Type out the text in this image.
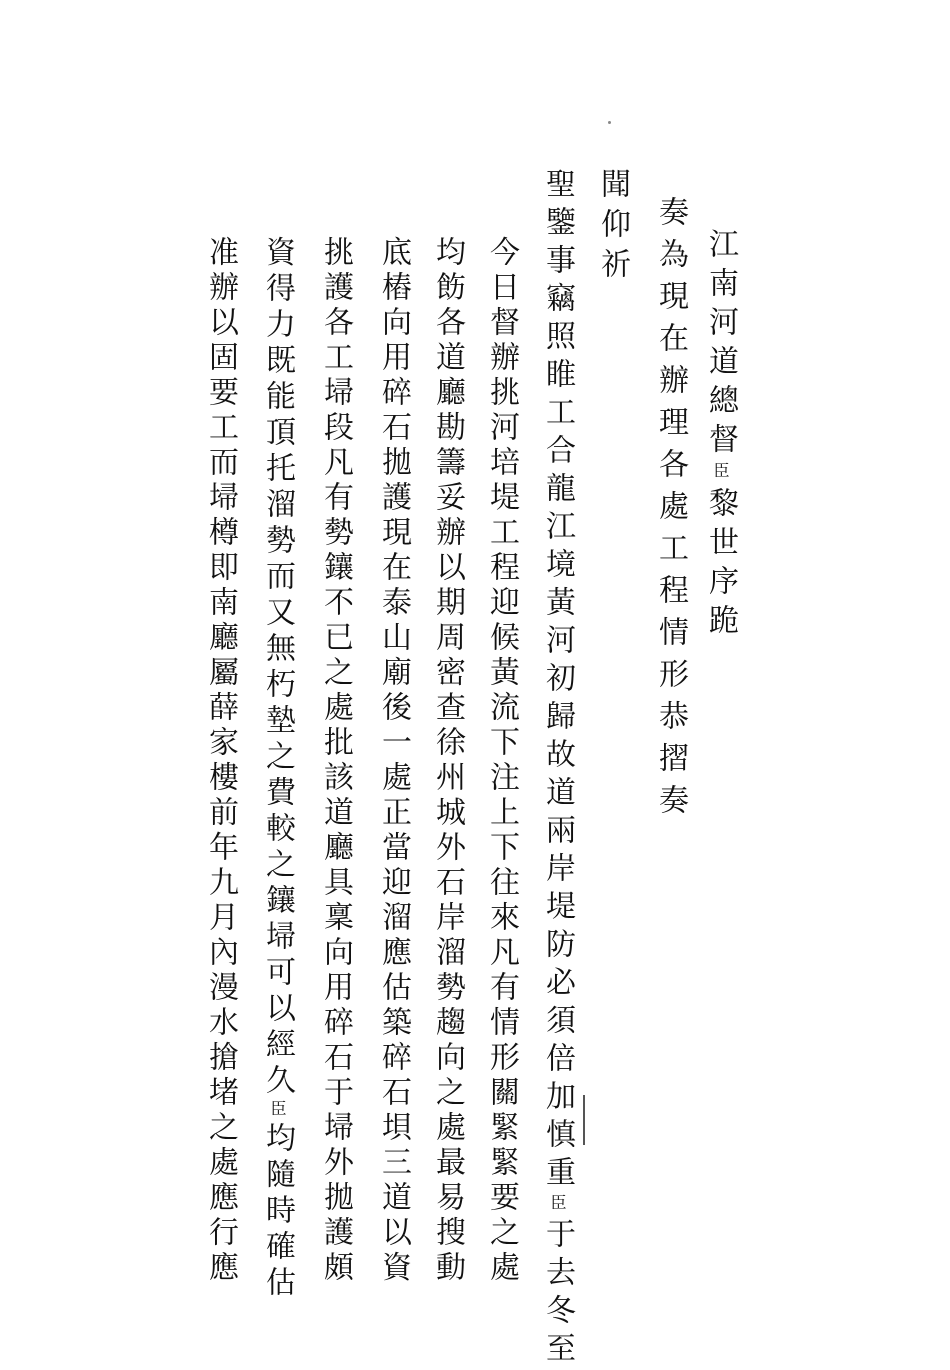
江南河道總督臣黎世序跪
奏為現在辦理各處工程情形恭摺奏
聞仰祈
聖鑒事竊照睢工合龍江境黃河初歸故道兩岸堤防必須倍加慎重臣于去冬至
今日督辦挑河培堤工程迎候黃流下注上下往來凡有情形關緊緊要之處
均飭各道廳勘籌妥辦以期周密查徐州城外石岸溜勢趨向之處最易搜動
底樁向用碎石拋護現在泰山廟後一處正當迎溜應估築碎石垻三道以資
挑護各工埽段凡有勢鑲不已之處批該道廳具稟向用碎石于埽外拋護頗
資得力既能頂托溜勢而又無朽墊之費較之鑲埽可以經久臣均隨時確估
准辦以固要工而埽樽即南廳屬薛家樓前年九月內漫水搶堵之處應行應
